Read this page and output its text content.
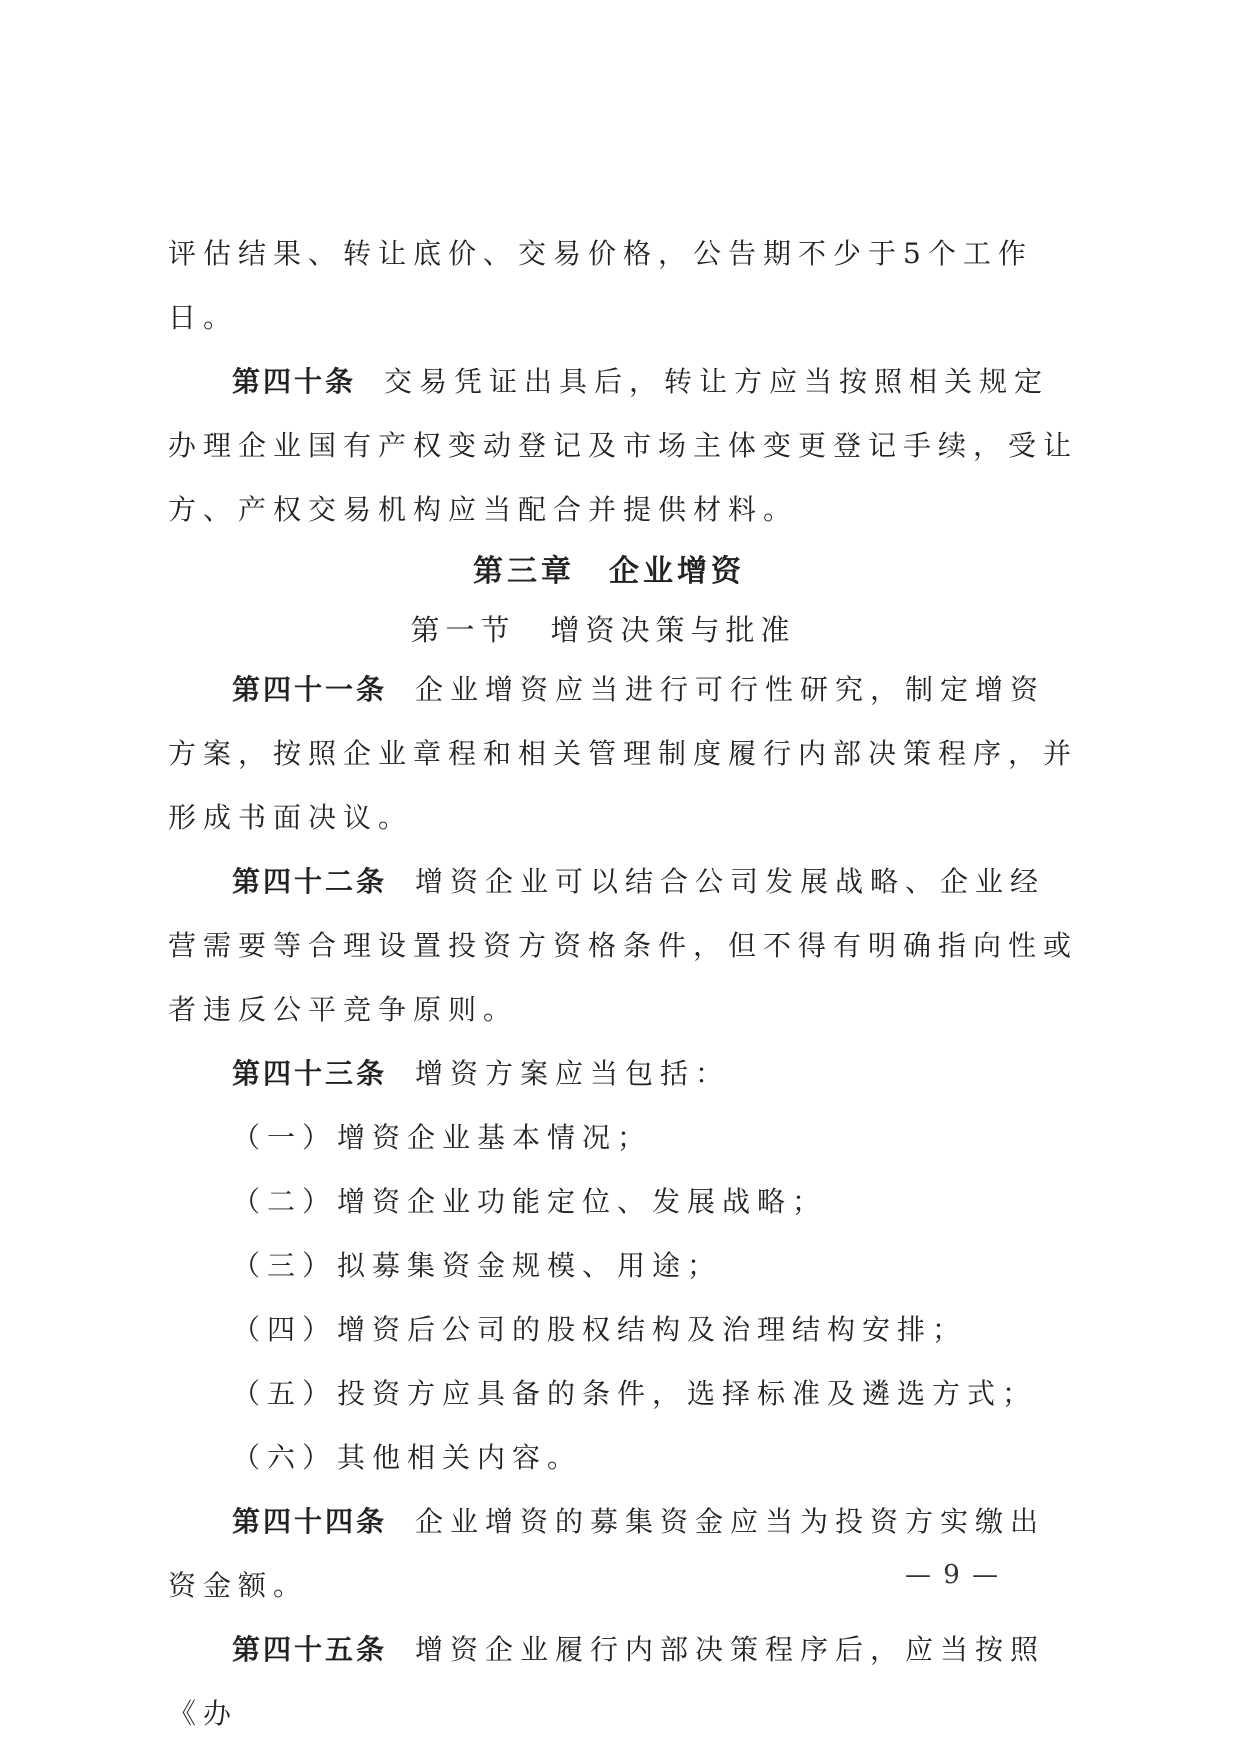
评估结果、转让底价、交易价格，公告期不少于5个工作日。
第四十条 交易凭证出具后，转让方应当按照相关规定办理企业国有产权变动登记及市场主体变更登记手续，受让方、产权交易机构应当配合并提供材料。
第三章　企业增资
第一节　增资决策与批准
第四十一条 企业增资应当进行可行性研究，制定增资方案，按照企业章程和相关管理制度履行内部决策程序，并形成书面决议。
第四十二条 增资企业可以结合公司发展战略、企业经营需要等合理设置投资方资格条件，但不得有明确指向性或者违反公平竞争原则。
第四十三条 增资方案应当包括：
（一）增资企业基本情况；
（二）增资企业功能定位、发展战略；
（三）拟募集资金规模、用途；
（四）增资后公司的股权结构及治理结构安排；
（五）投资方应具备的条件，选择标准及遴选方式；
（六）其他相关内容。
第四十四条 企业增资的募集资金应当为投资方实缴出资金额。
第四十五条 增资企业履行内部决策程序后，应当按照《办
— 9 —
